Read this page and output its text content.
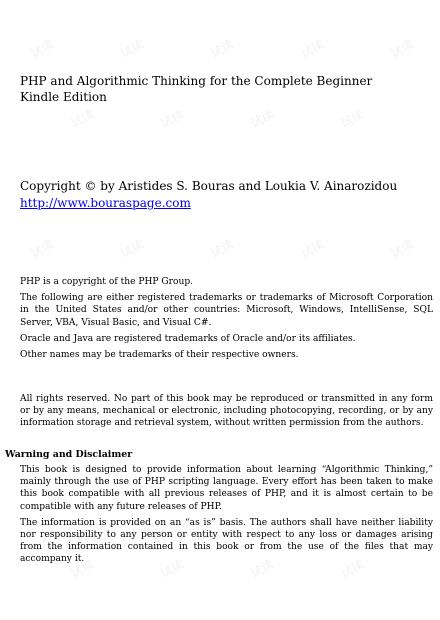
试读	试读	试读	试读	试读
试读	试读	试读	试读
试读	试读	试读	试读	试读
试读	试读	试读	试读
PHP and Algorithmic Thinking for the Complete Beginner
Kindle Edition
Copyright © by Aristides S. Bouras and Loukia V. Ainarozidou
http://www.bouraspage.com

PHP is a copyright of the PHP Group.

The following are either registered trademarks or trademarks of Microsoft Corporation in the United States and/or other countries: Microsoft, Windows, IntelliSense, SQL Server, VBA, Visual Basic, and Visual C#.

Oracle and Java are registered trademarks of Oracle and/or its affiliates.

Other names may be trademarks of their respective owners.

All rights reserved. No part of this book may be reproduced or transmitted in any form or by any means, mechanical or electronic, including photocopying, recording, or by any information storage and retrieval system, without written permission from the authors.

Warning and Disclaimer

This book is designed to provide information about learning “Algorithmic Thinking,” mainly through the use of PHP scripting language. Every effort has been taken to make this book compatible with all previous releases of PHP, and it is almost certain to be compatible with any future releases of PHP.

The information is provided on an “as is” basis. The authors shall have neither liability nor responsibility to any person or entity with respect to any loss or damages arising from the information contained in this book or from the use of the files that may accompany it.
